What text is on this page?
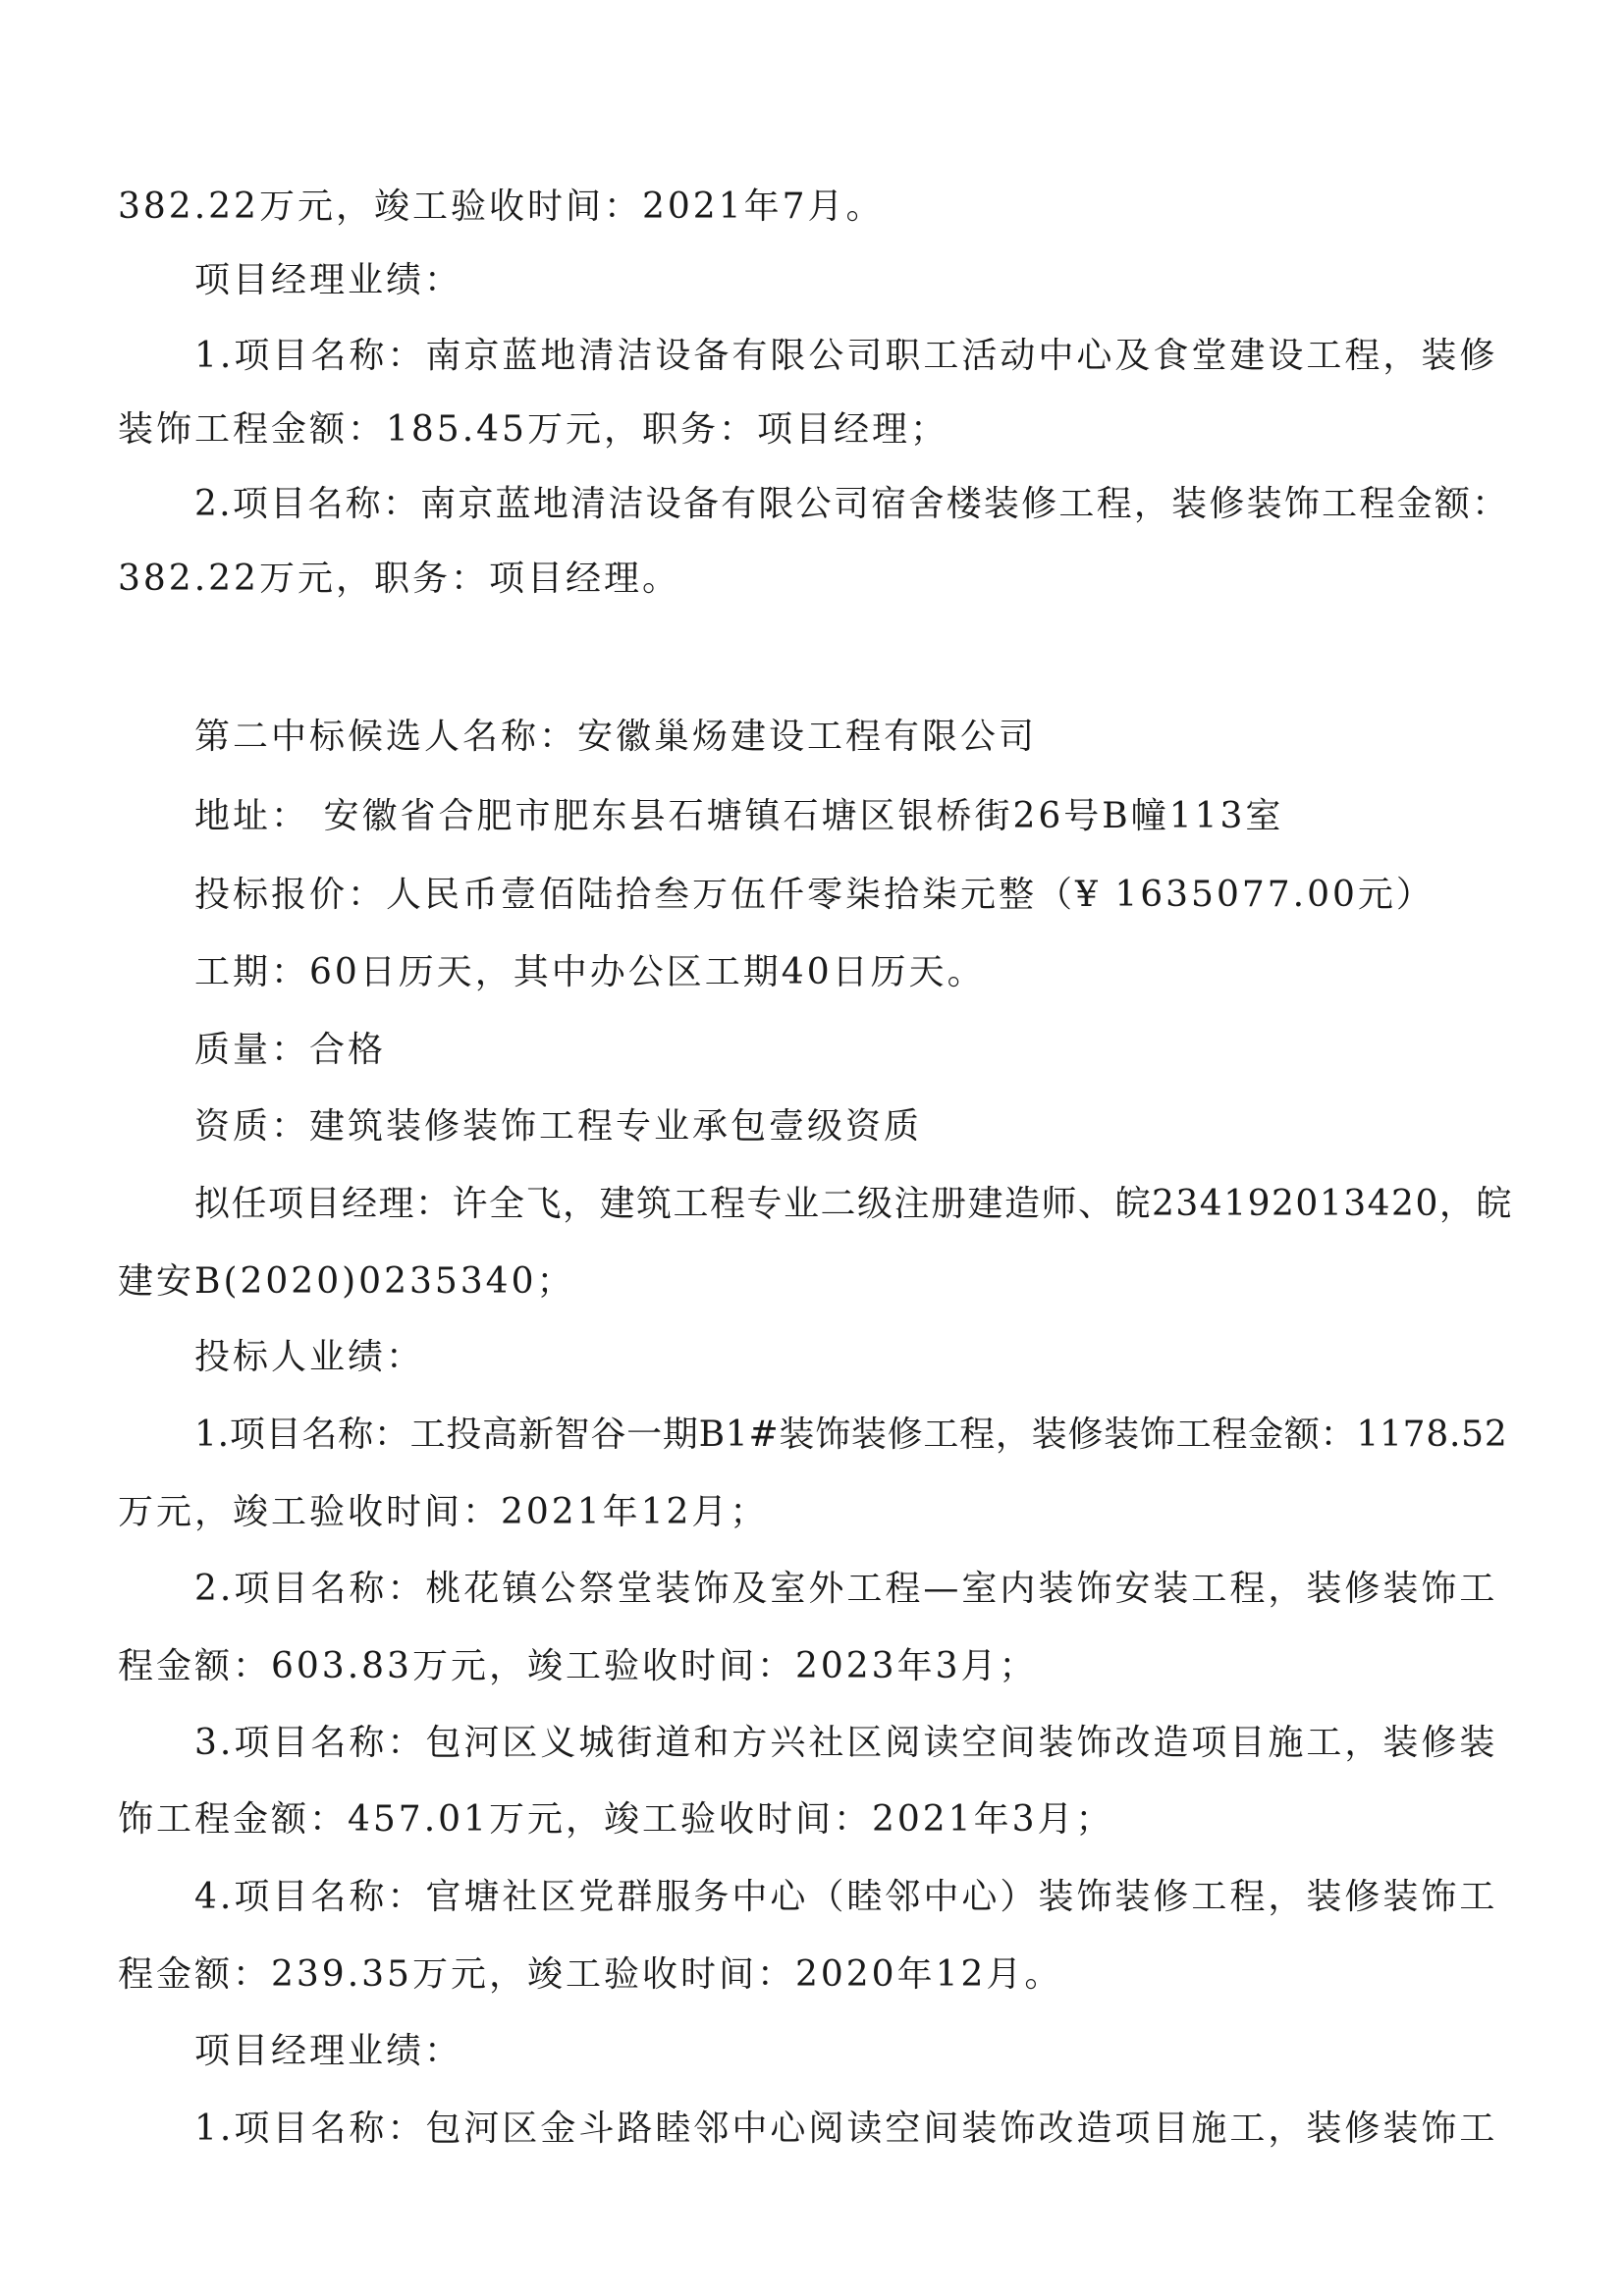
382.22万元，竣工验收时间：2021年7月。
项目经理业绩：
1.项目名称：南京蓝地清洁设备有限公司职工活动中心及食堂建设工程，装修
装饰工程金额：185.45万元，职务：项目经理；
2.项目名称：南京蓝地清洁设备有限公司宿舍楼装修工程，装修装饰工程金额：
382.22万元，职务：项目经理。
第二中标候选人名称：安徽巢炀建设工程有限公司
地址： 安徽省合肥市肥东县石塘镇石塘区银桥街26号B幢113室
投标报价：人民币壹佰陆拾叁万伍仟零柒拾柒元整（¥ 1635077.00元）
工期：60日历天，其中办公区工期40日历天。
质量：合格
资质：建筑装修装饰工程专业承包壹级资质
拟任项目经理：许全飞，建筑工程专业二级注册建造师、皖234192013420，皖
建安B(2020)0235340；
投标人业绩：
1.项目名称：工投高新智谷一期B1#装饰装修工程，装修装饰工程金额：1178.52
万元，竣工验收时间：2021年12月；
2.项目名称：桃花镇公祭堂装饰及室外工程—室内装饰安装工程，装修装饰工
程金额：603.83万元，竣工验收时间：2023年3月；
3.项目名称：包河区义城街道和方兴社区阅读空间装饰改造项目施工，装修装
饰工程金额：457.01万元，竣工验收时间：2021年3月；
4.项目名称：官塘社区党群服务中心（睦邻中心）装饰装修工程，装修装饰工
程金额：239.35万元，竣工验收时间：2020年12月。
项目经理业绩：
1.项目名称：包河区金斗路睦邻中心阅读空间装饰改造项目施工，装修装饰工
